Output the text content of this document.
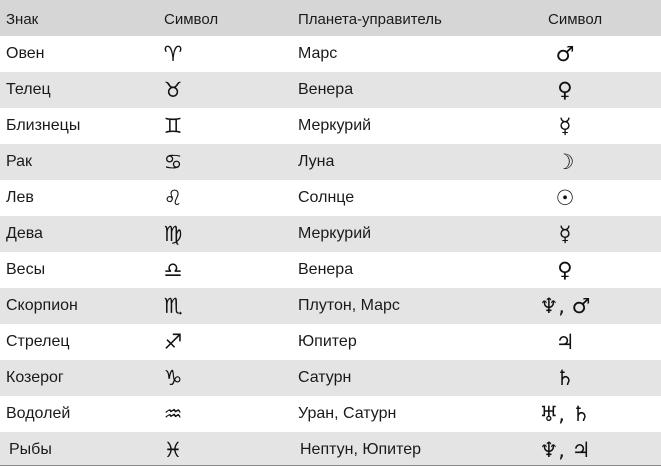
Знак	Символ	Планета-управитель	Символ
Овен	♈︎	Марс	♂
Телец	♉︎	Венера	♀
Близнецы	♊︎	Меркурий	☿
Рак	♋︎	Луна	☽
Лев	♌︎	Солнце	☉
Дева	♍︎	Меркурий	☿
Весы	♎︎	Венера	♀
Скорпион	♏︎	Плутон, Марс	♆, ♂
Стрелец	♐︎	Юпитер	♃
Козерог	♑︎	Сатурн	♄
Водолей	♒︎	Уран, Сатурн	♅, ♄
Рыбы	♓︎	Нептун, Юпитер	♆, ♃
